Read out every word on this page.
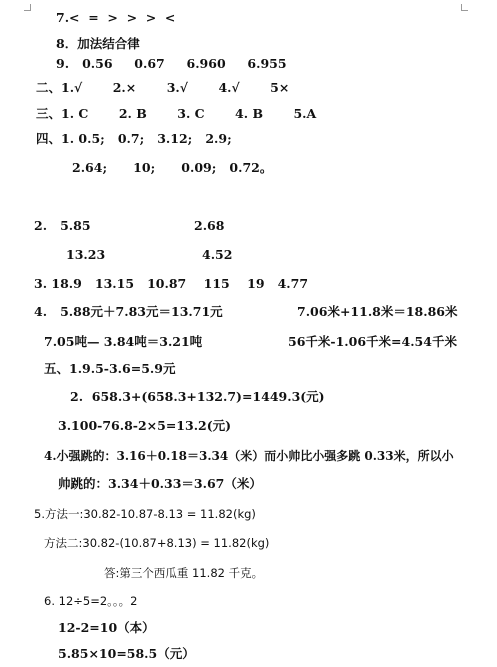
7.<  =  >  >  >  <
8．加法结合律
9.   0.56     0.67     6.960     6.955
二、1.√       2.×       3.√       4.√       5×
三、1. C       2. B       3. C       4. B       5.A
四、1. 0.5;   0.7;   3.12;   2.9;
2.64;      10;      0.09;   0.72。
2.   5.85	2.68
13.23	4.52
3. 18.9   13.15   10.87    115    19   4.77
4.   5.88元＋7.83元＝13.71元	7.06米+11.8米＝18.86米
7.05吨— 3.84吨＝3.21吨	56千米-1.06千米=4.54千米
五、1.9.5-3.6=5.9元
2.  658.3+(658.3+132.7)=1449.3(元)
3.100-76.8-2×5=13.2(元)
4.小强跳的：3.16＋0.18＝3.34（米）而小帅比小强多跳 0.33米，所以小
帅跳的：3.34＋0.33＝3.67（米）
5.方法一:30.82-10.87-8.13 = 11.82(kg)
方法二:30.82-(10.87+8.13) = 11.82(kg)
答:第三个西瓜重 11.82 千克。
6. 12÷5=2。。。2
12-2=10（本）
5.85×10=58.5（元）
